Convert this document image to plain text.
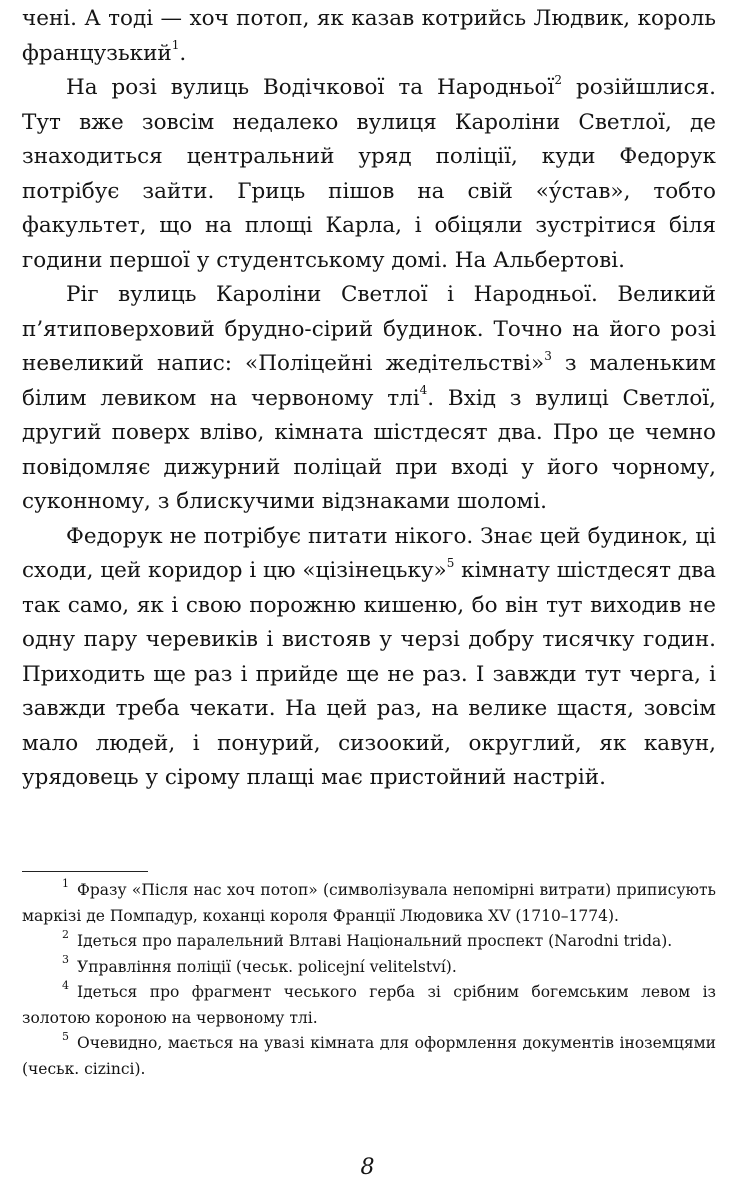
чені. А тоді — хоч потоп, як казав котрийсь Людвик, король французький$^1$.

На розі вулиць Водічкової та Народньої$^2$ розійшлися. Тут вже зовсім недалеко вулиця Кароліни Светлої, де знаходиться центральний уряд поліції, куди Федорук потрібує зайти. Гриць пішов на свій «у́став», тобто факультет, що на площі Карла, і обіцяли зустрітися біля години першої у студентському домі. На Альбертові.

Ріг вулиць Кароліни Светлої і Народньої. Великий п’ятиповерховий брудно-сірий будинок. Точно на його розі невеликий напис: «Поліцейні жедітельстві»$^3$ з маленьким білим левиком на червоному тлі$^4$. Вхід з вулиці Светлої, другий поверх вліво, кімната шістдесят два. Про це чемно повідомляє дижурний поліцай при вході у його чорному, суконному, з блискучими відзнаками шоломі.

Федорук не потрібує питати нікого. Знає цей будинок, ці сходи, цей коридор і цю «цізінецьку»$^5$ кімнату шістдесят два так само, як і свою порожню кишеню, бо він тут виходив не одну пару черевиків і вистояв у черзі добру тисячку годин. Приходить ще раз і прийде ще не раз. І завжди тут черга, і завжди треба чекати. На цей раз, на велике щастя, зовсім мало людей, і понурий, сизоокий, округлий, як кавун, урядовець у сірому плащі має пристойний настрій.

$^1$ Фразу «Після нас хоч потоп» (символізувала непомірні витрати) приписують маркізі де Помпадур, коханці короля Франції Людовика XV (1710–1774).

$^2$ Ідеться про паралельний Влтаві Національний проспект (Narodni trida).

$^3$ Управління поліції (чеськ. policejní velitelství).

$^4$ Ідеться про фрагмент чеського герба зі срібним богемським левом із золотою короною на червоному тлі.

$^5$ Очевидно, мається на увазі кімната для оформлення документів іноземцями (чеськ. cizinci).

8
